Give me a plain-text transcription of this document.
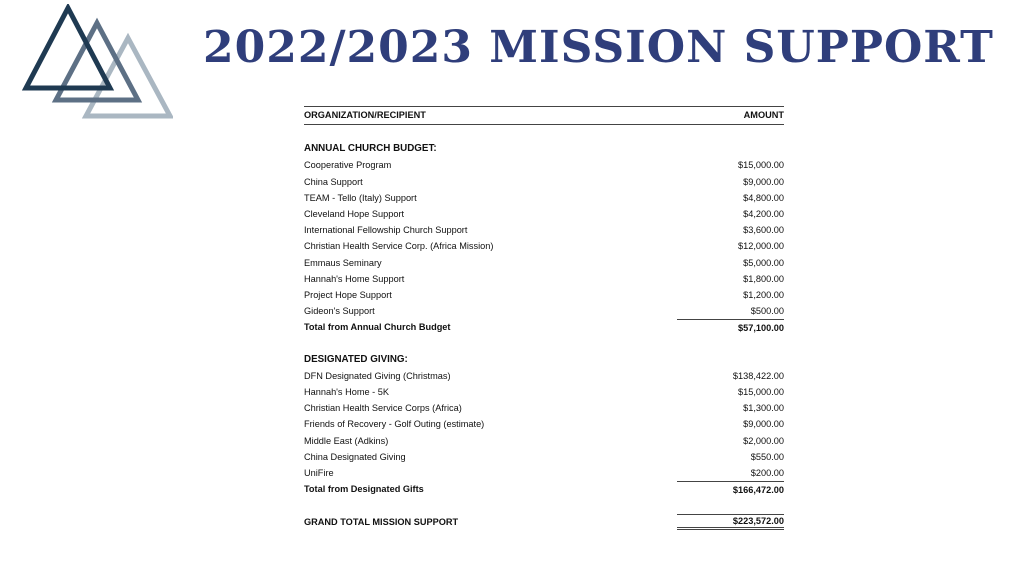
2022/2023 MISSION SUPPORT
ORGANIZATION/RECIPIENT	AMOUNT
ANNUAL CHURCH BUDGET:
Cooperative Program	$15,000.00
China Support	$9,000.00
TEAM - Tello (Italy) Support	$4,800.00
Cleveland Hope Support	$4,200.00
International Fellowship Church Support	$3,600.00
Christian Health Service Corp. (Africa Mission)	$12,000.00
Emmaus Seminary	$5,000.00
Hannah's Home Support	$1,800.00
Project Hope Support	$1,200.00
Gideon's Support	$500.00
Total from Annual Church Budget	$57,100.00
DESIGNATED GIVING:
DFN Designated Giving (Christmas)	$138,422.00
Hannah's Home - 5K	$15,000.00
Christian Health Service Corps (Africa)	$1,300.00
Friends of Recovery - Golf Outing (estimate)	$9,000.00
Middle East (Adkins)	$2,000.00
China Designated Giving	$550.00
UniFire	$200.00
Total from Designated Gifts	$166,472.00
GRAND TOTAL MISSION SUPPORT	$223,572.00
